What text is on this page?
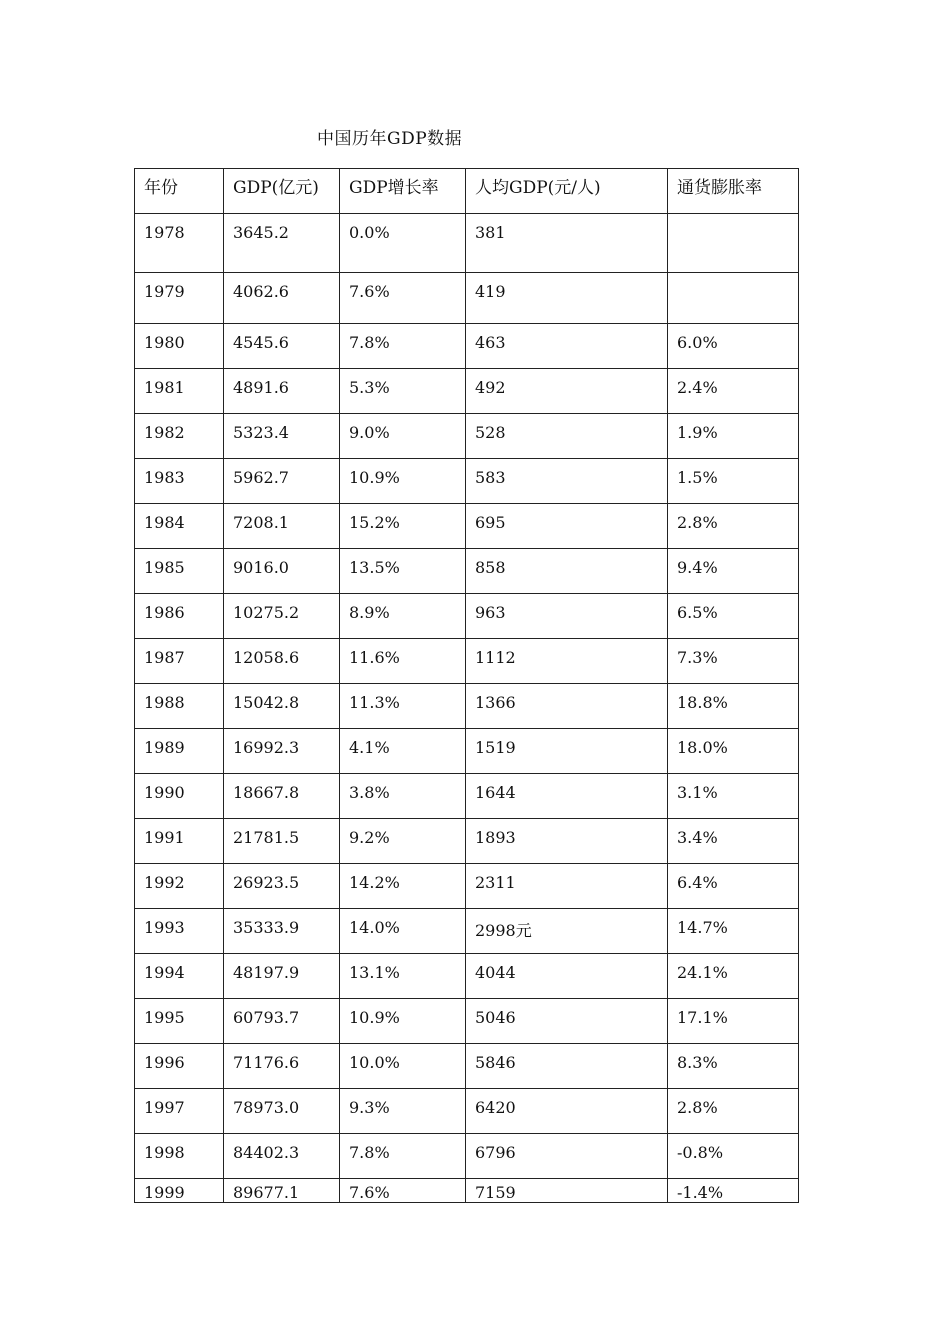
中国历年GDP数据
年份	GDP(亿元)	GDP增长率	人均GDP(元/人)	通货膨胀率
1978	3645.2	0.0%	381	
1979	4062.6	7.6%	419	
1980	4545.6	7.8%	463	6.0%
1981	4891.6	5.3%	492	2.4%
1982	5323.4	9.0%	528	1.9%
1983	5962.7	10.9%	583	1.5%
1984	7208.1	15.2%	695	2.8%
1985	9016.0	13.5%	858	9.4%
1986	10275.2	8.9%	963	6.5%
1987	12058.6	11.6%	1112	7.3%
1988	15042.8	11.3%	1366	18.8%
1989	16992.3	4.1%	1519	18.0%
1990	18667.8	3.8%	1644	3.1%
1991	21781.5	9.2%	1893	3.4%
1992	26923.5	14.2%	2311	6.4%
1993	35333.9	14.0%	2998元	14.7%
1994	48197.9	13.1%	4044	24.1%
1995	60793.7	10.9%	5046	17.1%
1996	71176.6	10.0%	5846	8.3%
1997	78973.0	9.3%	6420	2.8%
1998	84402.3	7.8%	6796	-0.8%
1999	89677.1	7.6%	7159	-1.4%
